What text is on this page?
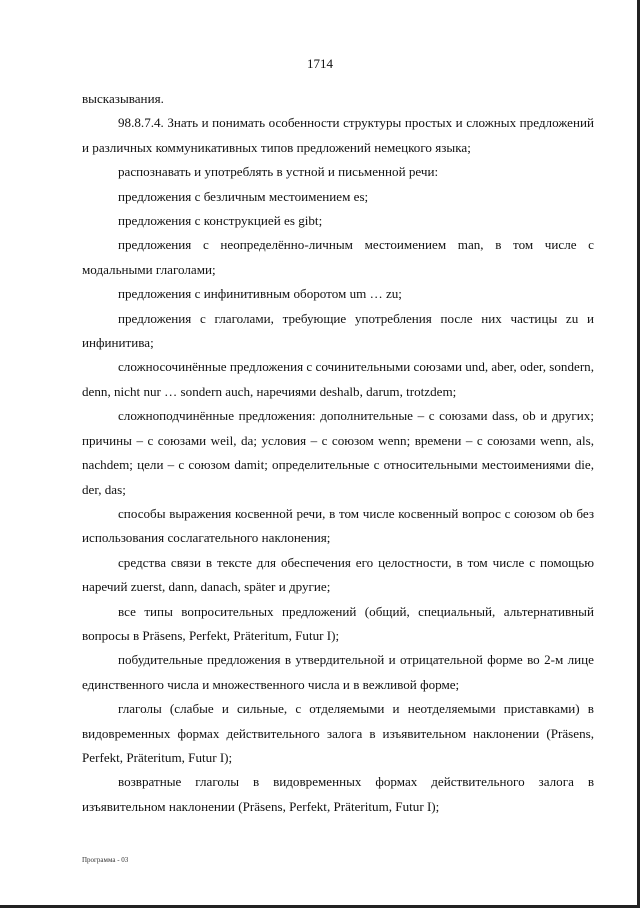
1714

высказывания.

98.8.7.4. Знать и понимать особенности структуры простых и сложных предложений и различных коммуникативных типов предложений немецкого языка;

распознавать и употреблять в устной и письменной речи:

предложения с безличным местоимением es;

предложения с конструкцией es gibt;

предложения с неопределённо-личным местоимением man, в том числе с модальными глаголами;

предложения с инфинитивным оборотом um … zu;

предложения с глаголами, требующие употребления после них частицы zu и инфинитива;

сложносочинённые предложения с сочинительными союзами und, aber, oder, sondern, denn, nicht nur … sondern auch, наречиями deshalb, darum, trotzdem;

сложноподчинённые предложения: дополнительные – с союзами dass, ob и других; причины – с союзами weil, da; условия – с союзом wenn; времени – с союзами wenn, als, nachdem; цели – с союзом damit; определительные с относительными местоимениями die, der, das;

способы выражения косвенной речи, в том числе косвенный вопрос с союзом ob без использования сослагательного наклонения;

средства связи в тексте для обеспечения его целостности, в том числе с помощью наречий zuerst, dann, danach, später и другие;

все типы вопросительных предложений (общий, специальный, альтернативный вопросы в Präsens, Perfekt, Präteritum, Futur I);

побудительные предложения в утвердительной и отрицательной форме во 2-м лице единственного числа и множественного числа и в вежливой форме;

глаголы (слабые и сильные, с отделяемыми и неотделяемыми приставками) в видовременных формах действительного залога в изъявительном наклонении (Präsens, Perfekt, Präteritum, Futur I);

возвратные глаголы в видовременных формах действительного залога в изъявительном наклонении (Präsens, Perfekt, Präteritum, Futur I);

Программа - 03
